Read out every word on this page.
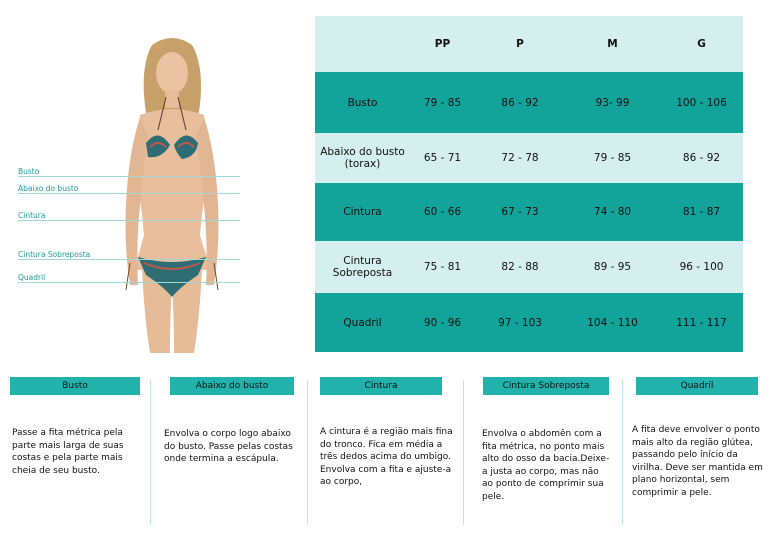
Busto
Abaixo do busto
Cintura
Cintura Sobreposta
Quadril
PP	P	M	G
Busto	79 - 85	86 - 92	93- 99	100 - 106
Abaixo do busto (torax)	65 - 71	72 - 78	79 - 85	86 - 92
Cintura	60 - 66	67 - 73	74 - 80	81 - 87
Cintura Sobreposta	75 - 81	82 - 88	89 - 95	96 - 100
Quadril	90 - 96	97 - 103	104 - 110	111 - 117
Busto
Passe a fita métrica pela parte mais larga de suas costas e pela parte mais cheia de seu busto.
Abaixo do busto
Envolva o corpo logo abaixo do busto. Passe pelas costas onde termina a escápula.
Cintura
A cintura é a região mais fina do tronco. Fica em média a três dedos acima do umbigo. Envolva com a fita e ajuste-a ao corpo,
Cintura Sobreposta
Envolva o abdomên com a fita métrica, no ponto mais alto do osso da bacia.Deixe-a justa ao corpo, mas não ao ponto de comprimir sua pele.
Quadril
A fita deve envolver o ponto mais alto da região glútea, passando pelo início da virilha. Deve ser mantida em plano horizontal, sem comprimir a pele.
